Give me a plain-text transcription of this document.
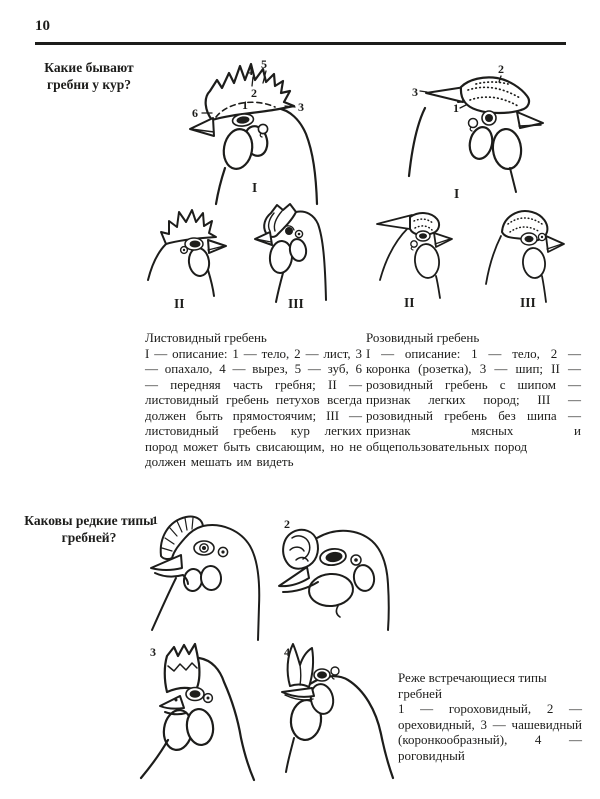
10
Какие бывают гребни у кур?
Каковы редкие типы гребней?
4 5
2
1
6	3
I
3
2
1
I
II	III	II	III
Листовидный гребень
I — описание: 1 — тело, 2 — лист, 3 — опахало, 4 — вырез, 5 — зуб, 6 — передняя часть гребня; II — листовидный гребень петухов всегда должен быть прямостоячим; III — листовидный гребень кур легких пород может быть свисающим, но не должен мешать им видеть
Розовидный гребень
I — описание: 1 — тело, 2 — коронка (розетка), 3 — шип; II — розовидный гребень с шипом — признак легких пород; III — розовидный гребень без шипа — признак мясных и общепользовательных пород
1	2
3	4
Реже встречающиеся типы гребней
1 — гороховидный, 2 — ореховидный, 3 — чашевидный (коронкообразный), 4 — роговидный
